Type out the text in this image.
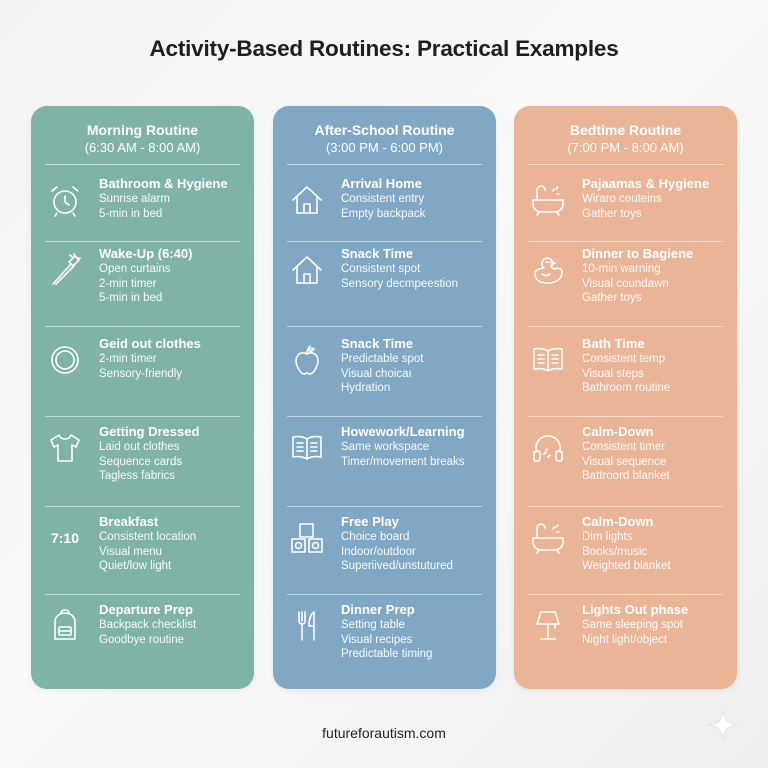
Activity-Based Routines: Practical Examples
Morning Routine
(6:30 AM - 8:00 AM)
Bathroom & Hygiene
Sunrise alarm
5-min in bed
Wake-Up (6:40)
Open curtains
2-min timer
5-min in bed
Geid out clothes
2-min timer
Sensory-friendly
Getting Dressed
Laid out clothes
Sequence cards
Tagless fabrics
7:10
Breakfast
Consistent location
Visual menu
Quiet/low light
Departure Prep
Backpack checklist
Goodbye routine
After-School Routine
(3:00 PM - 6:00 PM)
Arrival Home
Consistent entry
Empty backpack
Snack Time
Consistent spot
Sensory decmpeestion
Snack Time
Predictable spot
Visual choicaı
Hydration
Howework/Learning
Same workspace
Timer/movement breaks
Free Play
Choice board
Indoor/outdoor
Superiived/unstutured
Dinner Prep
Setting table
Visual recipes
Predictable timing
Bedtime Routine
(7:00 PM - 8:00 AM)
Pajaamas & Hygiene
Wiraro couteins
Gather toys
Dinner to Bagiene
10-min warning
Visual coundawn
Gather toys
Bath Time
Consistent temp
Visual steps
Bathroom routine
Calm-Down
Consistent timer
Visual sequence
Battroord blanket
Calm-Down
Dim lights
Books/music
Weighted blanket
Lights Out phase
Same sleeping spot
Night light/object
futureforautism.com
